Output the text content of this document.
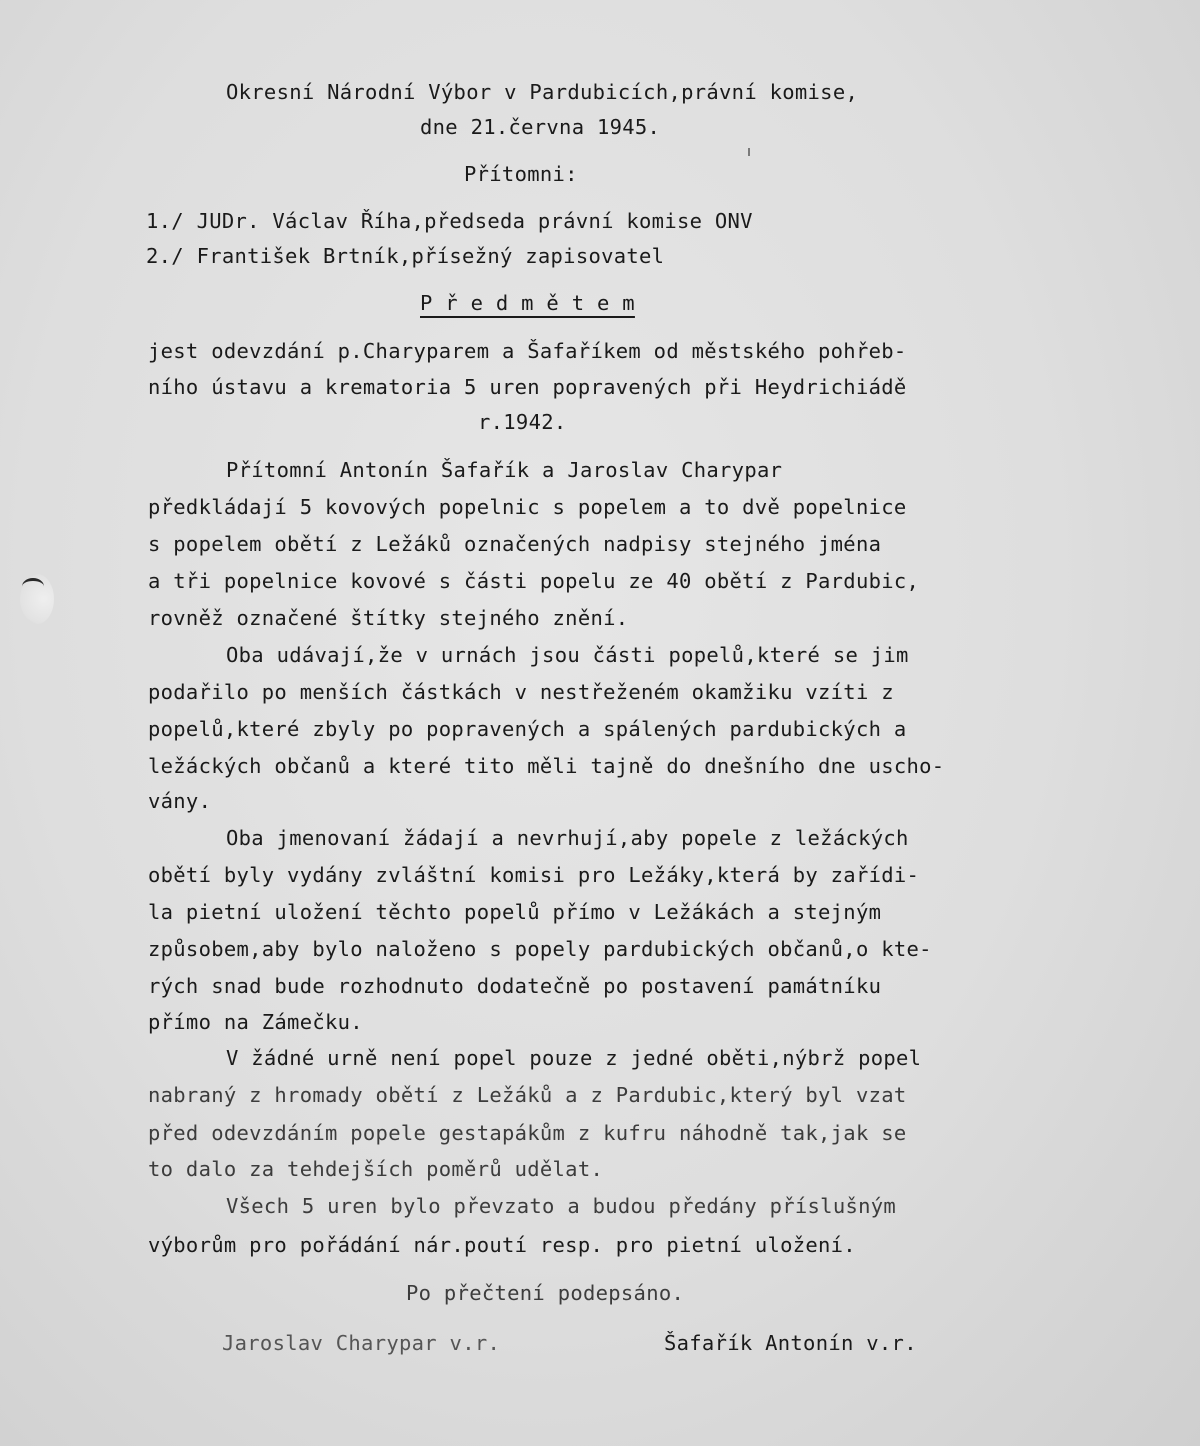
Okresní Národní Výbor v Pardubicích,právní komise,
dne 21.června 1945.
Přítomni:
1./ JUDr. Václav Říha,předseda právní komise ONV
2./ František Brtník,přísežný zapisovatel
P ř e d m ě t e m
jest odevzdání p.Charyparem a Šafaříkem od městského pohřeb-
ního ústavu a krematoria 5 uren popravených při Heydrichiádě
r.1942.
Přítomní Antonín Šafařík a Jaroslav Charypar
předkládají 5 kovových popelnic s popelem a to dvě popelnice
s popelem obětí z Ležáků označených nadpisy stejného jména
a tři popelnice kovové s části popelu ze 40 obětí z Pardubic,
rovněž označené štítky stejného znění.
Oba udávají,že v urnách jsou části popelů,které se jim
podařilo po menších částkách v nestřeženém okamžiku vzíti z
popelů,které zbyly po popravených a spálených pardubických a
ležáckých občanů a které tito měli tajně do dnešního dne uscho-
vány.
Oba jmenovaní žádají a nevrhují,aby popele z ležáckých
obětí byly vydány zvláštní komisi pro Ležáky,která by zařídi-
la pietní uložení těchto popelů přímo v Ležákách a stejným
způsobem,aby bylo naloženo s popely pardubických občanů,o kte-
rých snad bude rozhodnuto dodatečně po postavení památníku
přímo na Zámečku.
V žádné urně není popel pouze z jedné oběti,nýbrž popel
nabraný z hromady obětí z Ležáků a z Pardubic,který byl vzat
před odevzdáním popele gestapákům z kufru náhodně tak,jak se
to dalo za tehdejších poměrů udělat.
Všech 5 uren bylo převzato a budou předány příslušným
výborům pro pořádání nár.poutí resp. pro pietní uložení.
Po přečtení podepsáno.
Jaroslav Charypar v.r.	Šafařík Antonín v.r.
